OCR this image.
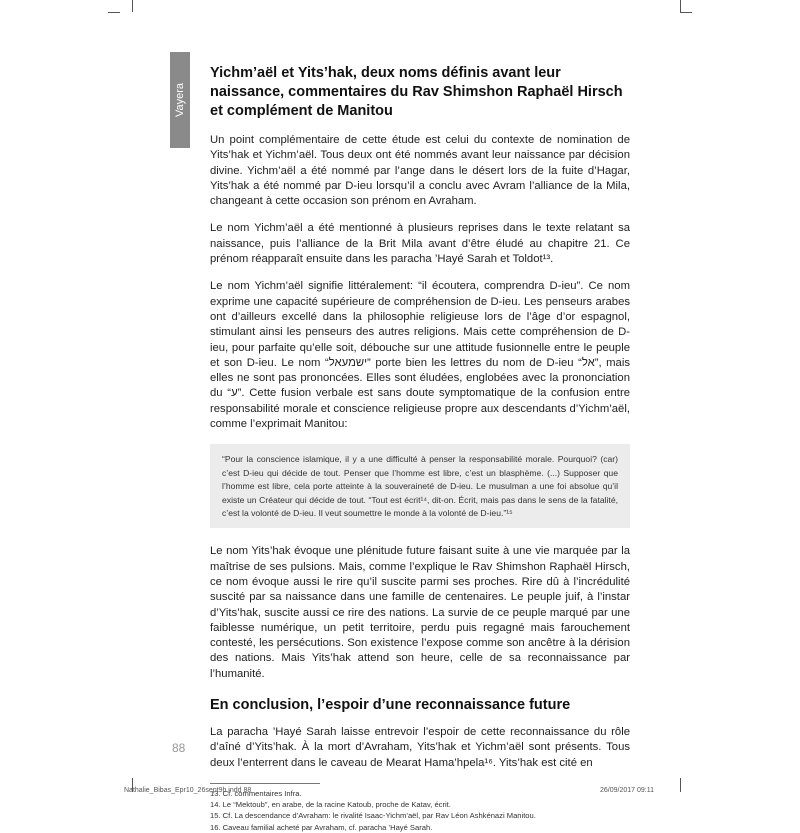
Vayera
Yichm’aël et Yits’hak, deux noms définis avant leur naissance, commentaires du Rav Shimshon Raphaël Hirsch et complément de Manitou

Un point complémentaire de cette étude est celui du contexte de nomination de Yits’hak et Yichm’aël. Tous deux ont été nommés avant leur naissance par décision divine. Yichm’aël a été nommé par l’ange dans le désert lors de la fuite d’Hagar, Yits’hak a été nommé par D-ieu lorsqu’il a conclu avec Avram l’alliance de la Mila, changeant à cette occasion son prénom en Avraham.

Le nom Yichm’aël a été mentionné à plusieurs reprises dans le texte relatant sa naissance, puis l’alliance de la Brit Mila avant d’être éludé au chapitre 21. Ce prénom réapparaît ensuite dans les paracha ’Hayé Sarah et Toldot¹³.

Le nom Yichm’aël signifie littéralement: “il écoutera, comprendra D-ieu”. Ce nom exprime une capacité supérieure de compréhension de D-ieu. Les penseurs arabes ont d’ailleurs excellé dans la philosophie religieuse lors de l’âge d’or espagnol, stimulant ainsi les penseurs des autres religions. Mais cette compréhension de D-ieu, pour parfaite qu’elle soit, débouche sur une attitude fusionnelle entre le peuple et son D-ieu. Le nom “ישמעאל” porte bien les lettres du nom de D-ieu “אל”, mais elles ne sont pas prononcées. Elles sont éludées, englobées avec la prononciation du “ע”. Cette fusion verbale est sans doute symptomatique de la confusion entre responsabilité morale et conscience religieuse propre aux descendants d’Yichm’aël, comme l’exprimait Manitou:

“Pour la conscience islamique, il y a une difficulté à penser la responsabilité morale. Pourquoi? (car) c’est D-ieu qui décide de tout. Penser que l’homme est libre, c’est un blasphème. (...) Supposer que l’homme est libre, cela porte atteinte à la souveraineté de D-ieu. Le musulman a une foi absolue qu’il existe un Créateur qui décide de tout. “Tout est écrit¹⁴, dit-on. Écrit, mais pas dans le sens de la fatalité, c’est la volonté de D-ieu. Il veut soumettre le monde à la volonté de D-ieu.”¹⁵

Le nom Yits’hak évoque une plénitude future faisant suite à une vie marquée par la maîtrise de ses pulsions. Mais, comme l’explique le Rav Shimshon Raphaël Hirsch, ce nom évoque aussi le rire qu’il suscite parmi ses proches. Rire dû à l’incrédulité suscité par sa naissance dans une famille de centenaires. Le peuple juif, à l’instar d’Yits’hak, suscite aussi ce rire des nations. La survie de ce peuple marqué par une faiblesse numérique, un petit territoire, perdu puis regagné mais farouchement contesté, les persécutions. Son existence l’expose comme son ancêtre à la dérision des nations. Mais Yits’hak attend son heure, celle de sa reconnaissance par l’humanité.

En conclusion, l’espoir d’une reconnaissance future

La paracha ’Hayé Sarah laisse entrevoir l’espoir de cette reconnaissance du rôle d’aîné d’Yits’hak. À la mort d’Avraham, Yits’hak et Yichm’aël sont présents. Tous deux l’enterrent dans le caveau de Mearat Hama’hpela¹⁶. Yits’hak est cité en

13. Cf. commentaires Infra.
14. Le “Mektoub”, en arabe, de la racine Katoub, proche de Katav, écrit.
15. Cf. La descendance d’Avraham: le rivalité Isaac-Yichm’aël, par Rav Léon Ashkénazi Manitou.
16. Caveau familial acheté par Avraham, cf. paracha ’Hayé Sarah.
88
Nathalie_Bibas_Epr10_26sept9h.indd 88	26/09/2017 09:11
